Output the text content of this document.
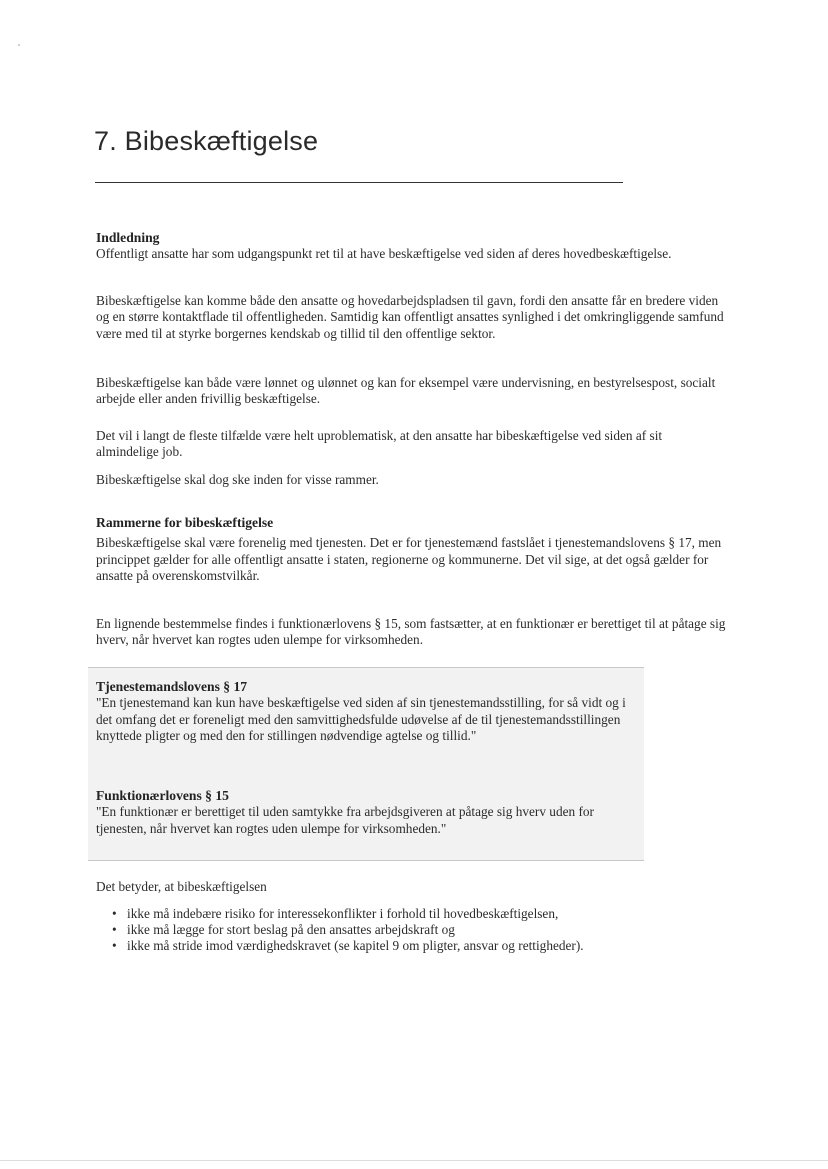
7. Bibeskæftigelse
Indledning

Offentligt ansatte har som udgangspunkt ret til at have beskæftigelse ved siden af deres hovedbeskæftigelse.

Bibeskæftigelse kan komme både den ansatte og hovedarbejdspladsen til gavn, fordi den ansatte får en bredere viden og en større kontaktflade til offentligheden. Samtidig kan offentligt ansattes synlighed i det omkringliggende samfund være med til at styrke borgernes kendskab og tillid til den offentlige sektor.

Bibeskæftigelse kan både være lønnet og ulønnet og kan for eksempel være undervisning, en bestyrelsespost, socialt arbejde eller anden frivillig beskæftigelse.

Det vil i langt de fleste tilfælde være helt uproblematisk, at den ansatte har bibeskæftigelse ved siden af sit almindelige job.

Bibeskæftigelse skal dog ske inden for visse rammer.

Rammerne for bibeskæftigelse

Bibeskæftigelse skal være forenelig med tjenesten. Det er for tjenestemænd fastslået i tjenestemandslovens § 17, men princippet gælder for alle offentligt ansatte i staten, regionerne og kommunerne. Det vil sige, at det også gælder for ansatte på overenskomstvilkår.

En lignende bestemmelse findes i funktionærlovens § 15, som fastsætter, at en funktionær er berettiget til at påtage sig hverv, når hvervet kan rogtes uden ulempe for virksomheden.

Tjenestemandslovens § 17
"En tjenestemand kan kun have beskæftigelse ved siden af sin tjenestemandsstilling, for så vidt og i det omfang det er foreneligt med den samvittighedsfulde udøvelse af de til tjenestemandsstillingen knyttede pligter og med den for stillingen nødvendige agtelse og tillid."
Funktionærlovens § 15
"En funktionær er berettiget til uden samtykke fra arbejdsgiveren at påtage sig hverv uden for tjenesten, når hvervet kan rogtes uden ulempe for virksomheden."

Det betyder, at bibeskæftigelsen

• ikke må indebære risiko for interessekonflikter i forhold til hovedbeskæftigelsen,
• ikke må lægge for stort beslag på den ansattes arbejdskraft og
• ikke må stride imod værdighedskravet (se kapitel 9 om pligter, ansvar og rettigheder).
